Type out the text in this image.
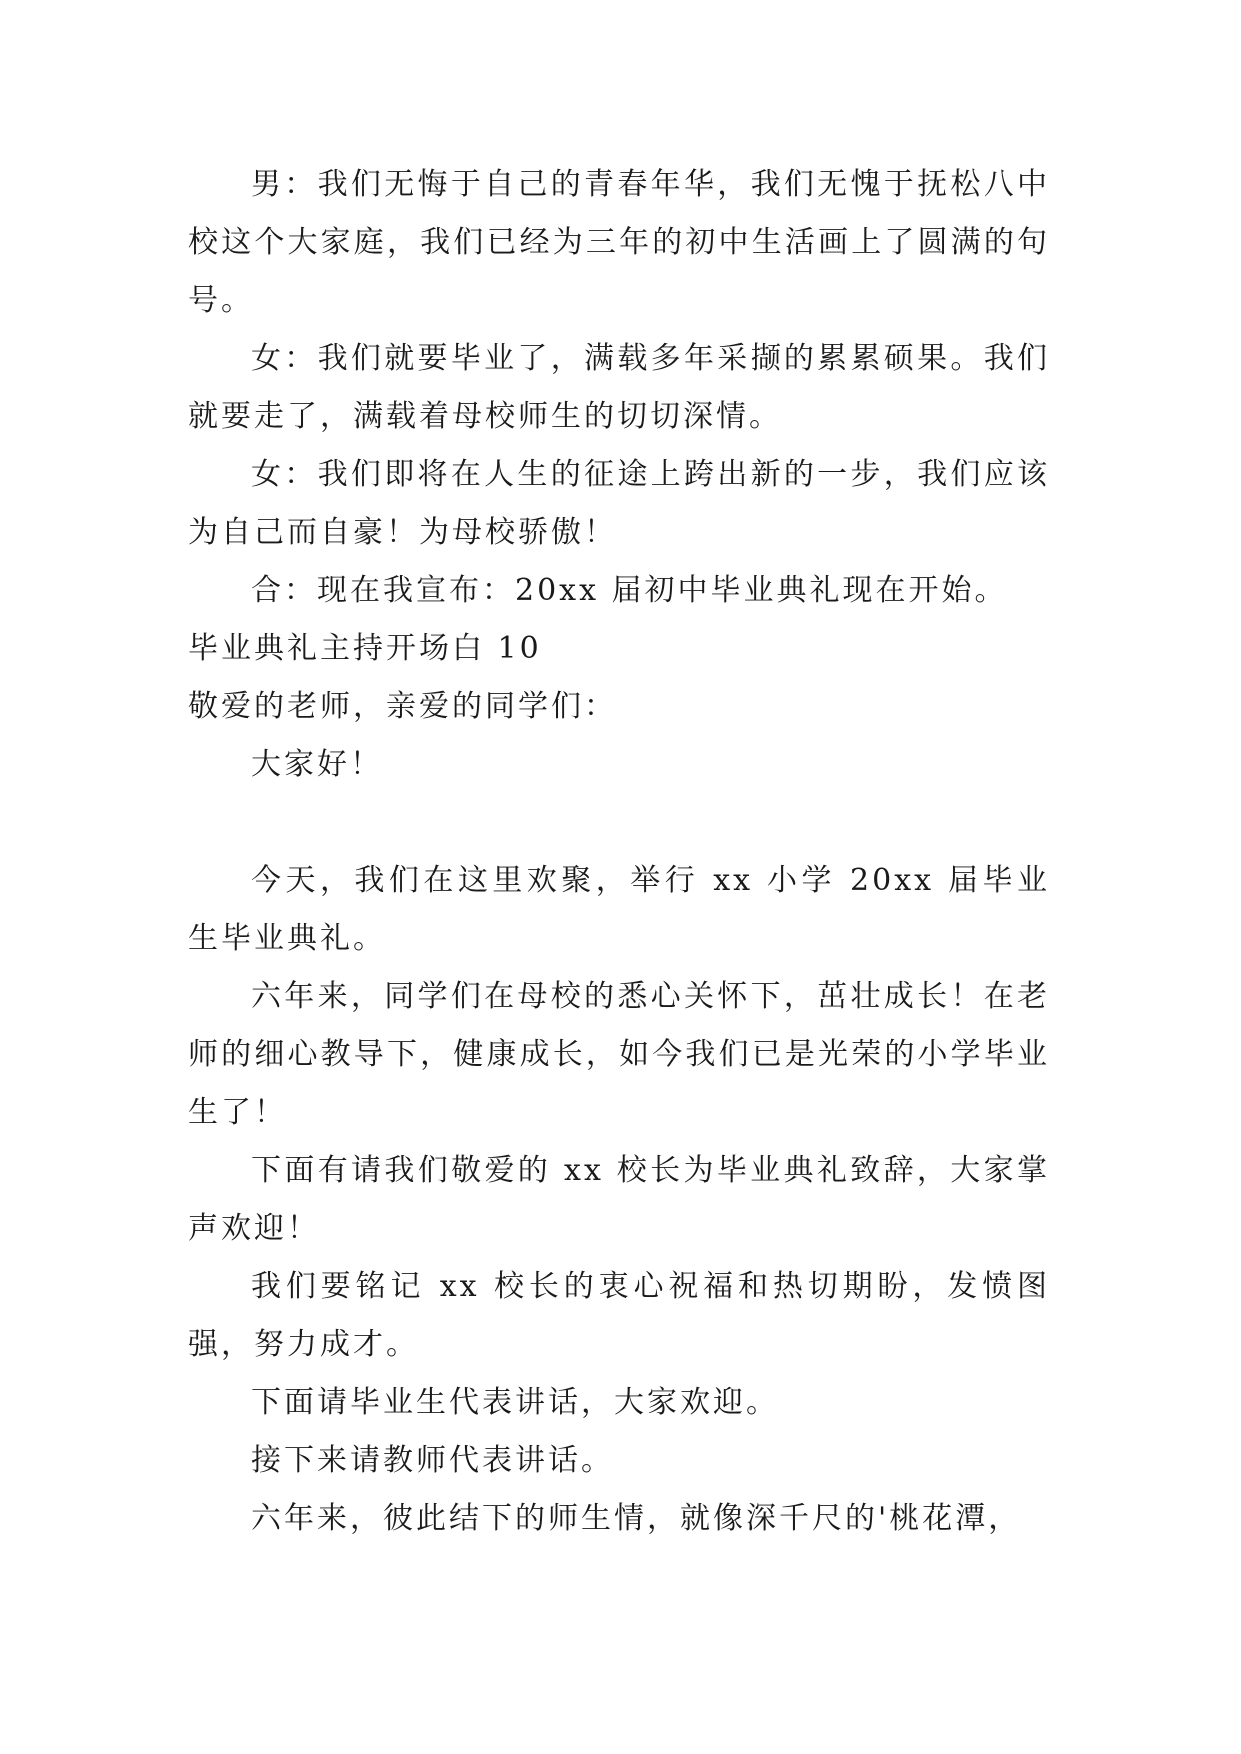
男：我们无悔于自己的青春年华，我们无愧于抚松八中校这个大家庭，我们已经为三年的初中生活画上了圆满的句号。

女：我们就要毕业了，满载多年采撷的累累硕果。我们就要走了，满载着母校师生的切切深情。

女：我们即将在人生的征途上跨出新的一步，我们应该为自己而自豪！为母校骄傲！

合：现在我宣布：20xx 届初中毕业典礼现在开始。

毕业典礼主持开场白 10

敬爱的老师，亲爱的同学们：

大家好！

今天，我们在这里欢聚，举行 xx 小学 20xx 届毕业生毕业典礼。

六年来，同学们在母校的悉心关怀下，茁壮成长！在老师的细心教导下，健康成长，如今我们已是光荣的小学毕业生了！

下面有请我们敬爱的 xx 校长为毕业典礼致辞，大家掌声欢迎！

我们要铭记 xx 校长的衷心祝福和热切期盼，发愤图强，努力成才。

下面请毕业生代表讲话，大家欢迎。

接下来请教师代表讲话。

六年来，彼此结下的师生情，就像深千尺的'桃花潭，
